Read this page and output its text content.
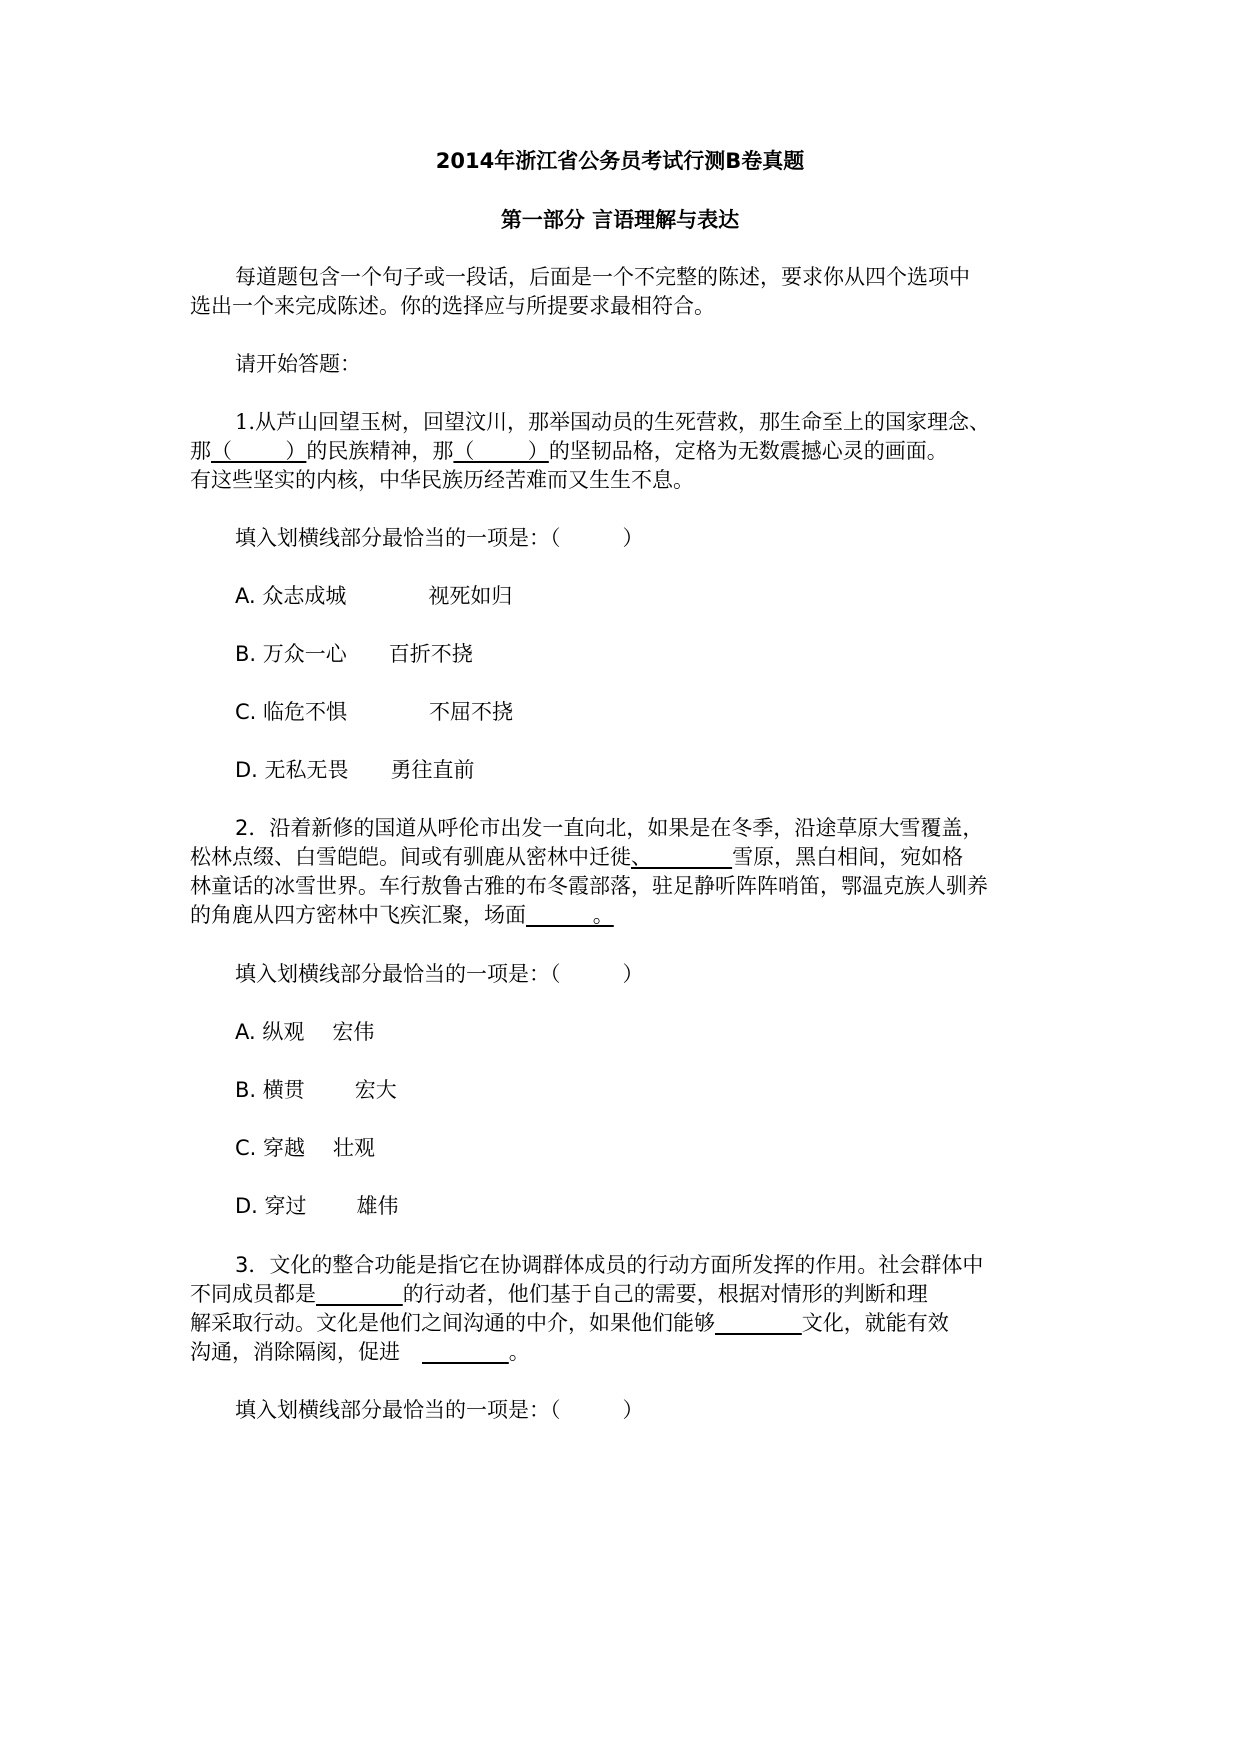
2014年浙江省公务员考试行测B卷真题
第一部分 言语理解与表达
每道题包含一个句子或一段话，后面是一个不完整的陈述，要求你从四个选项中
选出一个来完成陈述。你的选择应与所提要求最相符合。
请开始答题：
1.从芦山回望玉树，回望汶川，那举国动员的生死营救，那生命至上的国家理念、
那（        ）的民族精神，那（        ）的坚韧品格，定格为无数震撼心灵的画面。
有这些坚实的内核，中华民族历经苦难而又生生不息。
填入划横线部分最恰当的一项是：（	）
A. 众志成城	视死如归
B. 万众一心 百折不挠
C. 临危不惧	不屈不挠
D. 无私无畏 勇往直前
2．沿着新修的国道从呼伦市出发一直向北，如果是在冬季，沿途草原大雪覆盖，
松林点缀、白雪皑皑。间或有驯鹿从密林中迁徙、            雪原，黑白相间，宛如格
林童话的冰雪世界。车行敖鲁古雅的布冬霞部落，驻足静听阵阵哨笛，鄂温克族人驯养
的角鹿从四方密林中飞疾汇聚，场面          。
填入划横线部分最恰当的一项是：（	）
A. 纵观 宏伟
B. 横贯 宏大
C. 穿越 壮观
D. 穿过 雄伟
3．文化的整合功能是指它在协调群体成员的行动方面所发挥的作用。社会群体中
不同成员都是	的行动者，他们基于自己的需要，根据对情形的判断和理
解采取行动。文化是他们之间沟通的中介，如果他们能够	文化，就能有效
沟通，消除隔阂，促进	。
填入划横线部分最恰当的一项是：（	）
